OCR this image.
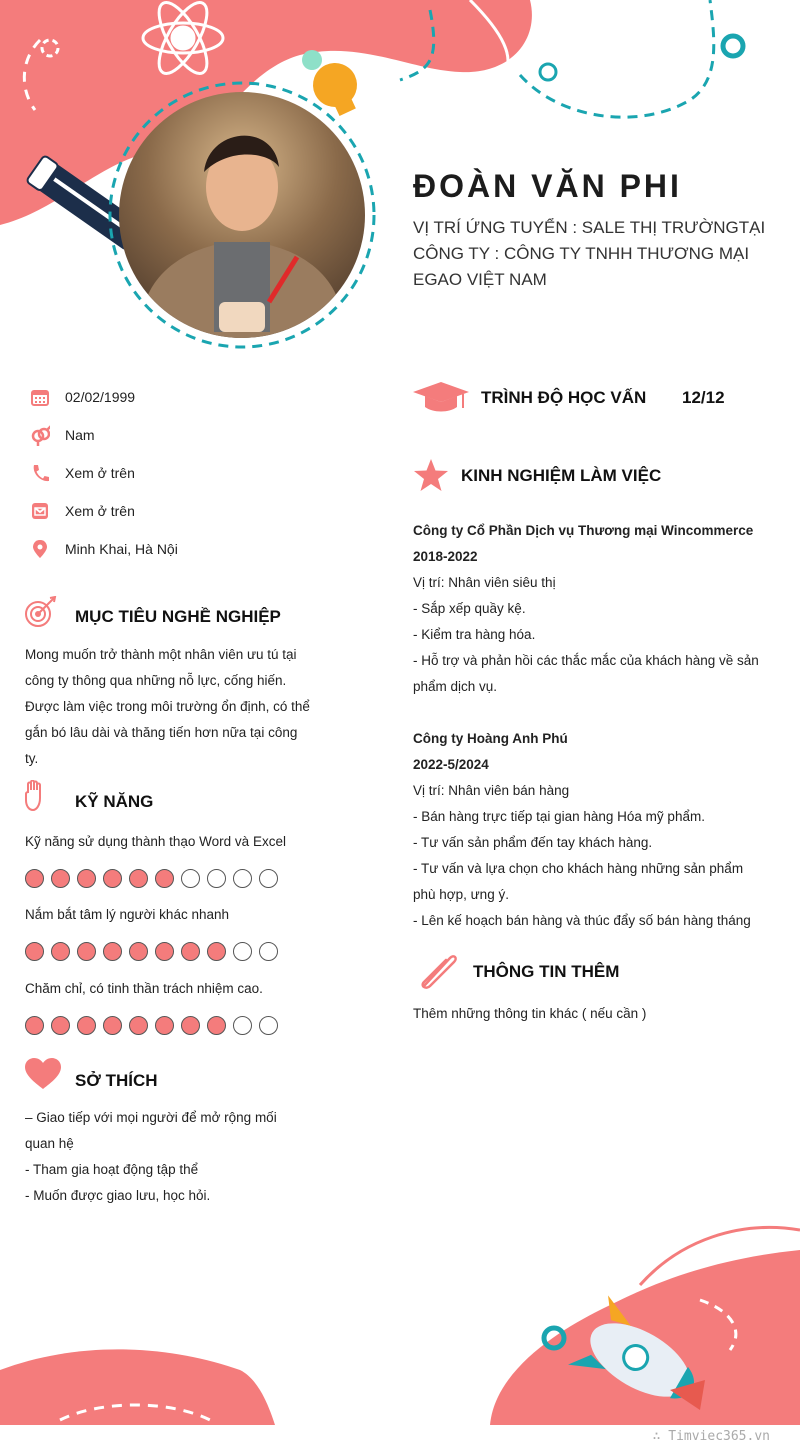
ĐOÀN VĂN PHI
VỊ TRÍ ỨNG TUYỂN : SALE THỊ TRƯỜNGTẠI
CÔNG TY : CÔNG TY TNHH THƯƠNG MẠI
EGAO VIỆT NAM
02/02/1999
Nam
Xem ở trên
Xem ở trên
Minh Khai, Hà Nội
MỤC TIÊU NGHỀ NGHIỆP
Mong muốn trở thành một nhân viên ưu tú tại
công ty thông qua những nỗ lực, cống hiến.
Được làm việc trong môi trường ổn định, có thể
gắn bó lâu dài và thăng tiến hơn nữa tại công
ty.
KỸ NĂNG
Kỹ năng sử dụng thành thạo Word và Excel
Nắm bắt tâm lý người khác nhanh
Chăm chỉ, có tinh thần trách nhiệm cao.
SỞ THÍCH
– Giao tiếp với mọi người để mở rộng mối
quan hệ
- Tham gia hoạt động tập thể
- Muốn được giao lưu, học hỏi.
TRÌNH ĐỘ HỌC VẤN 12/12
KINH NGHIỆM LÀM VIỆC
Công ty Cổ Phần Dịch vụ Thương mại Wincommerce
2018-2022
Vị trí: Nhân viên siêu thị
- Sắp xếp quầy kệ.
- Kiểm tra hàng hóa.
- Hỗ trợ và phản hồi các thắc mắc của khách hàng về sản
phẩm dịch vụ.
Công ty Hoàng Anh Phú
2022-5/2024
Vị trí: Nhân viên bán hàng
- Bán hàng trực tiếp tại gian hàng Hóa mỹ phẩm.
- Tư vấn sản phẩm đến tay khách hàng.
- Tư vấn và lựa chọn cho khách hàng những sản phẩm
phù hợp, ưng ý.
- Lên kế hoạch bán hàng và thúc đẩy số bán hàng tháng
THÔNG TIN THÊM
Thêm những thông tin khác ( nếu cần )
∴ Timviec365.vn
